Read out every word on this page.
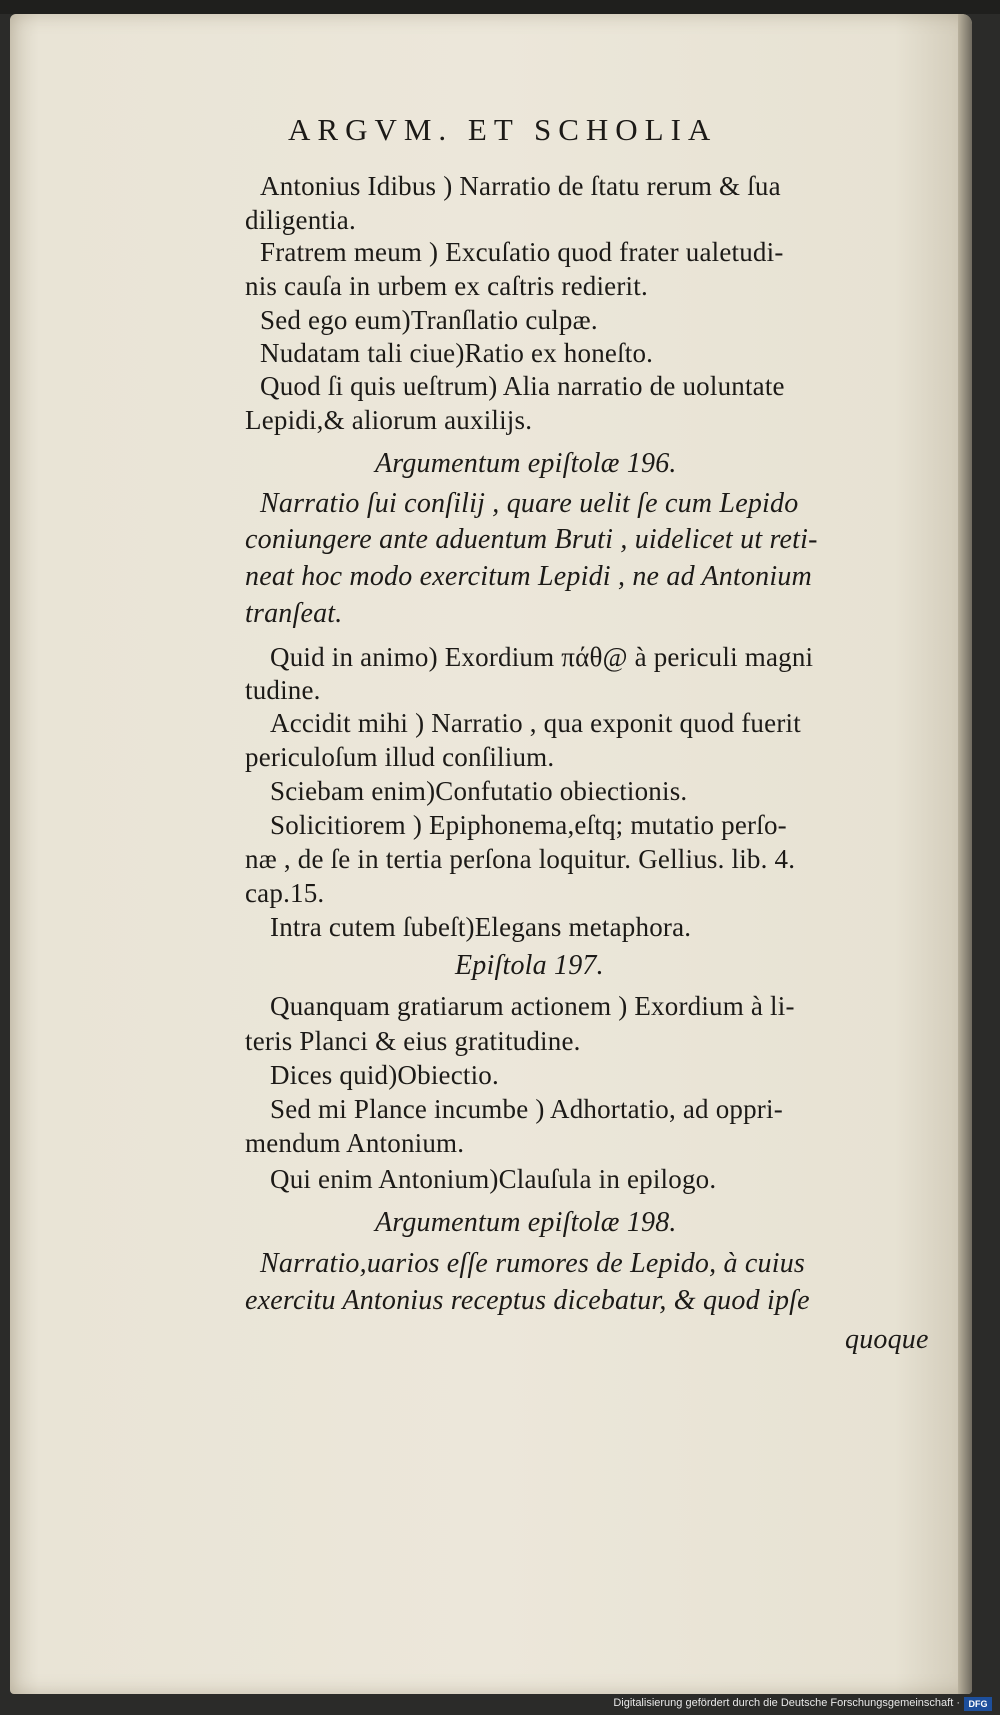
ARGVM. ET SCHOLIA
Antonius Idibus ) Narratio de ſtatu rerum & ſua
diligentia.
Fratrem meum ) Excuſatio quod frater ualetudi-
nis cauſa in urbem ex caſtris redierit.
Sed ego eum)Tranſlatio culpæ.
Nudatam tali ciue)Ratio ex honeſto.
Quod ſi quis ueſtrum) Alia narratio de uoluntate
Lepidi,& aliorum auxilijs.
Argumentum epiſtolæ 196.
Narratio ſui conſilij , quare uelit ſe cum Lepido
coniungere ante aduentum Bruti , uidelicet ut reti-
neat hoc modo exercitum Lepidi , ne ad Antonium
tranſeat.
Quid in animo) Exordium πάθ@ à periculi magni
tudine.
Accidit mihi ) Narratio , qua exponit quod fuerit
periculoſum illud conſilium.
Sciebam enim)Confutatio obiectionis.
Solicitiorem ) Epiphonema,eſtq; mutatio perſo-
næ , de ſe in tertia perſona loquitur. Gellius. lib. 4.
cap.15.
Intra cutem ſubeſt)Elegans metaphora.
Epiſtola 197.
Quanquam gratiarum actionem ) Exordium à li-
teris Planci & eius gratitudine.
Dices quid)Obiectio.
Sed mi Plance incumbe ) Adhortatio, ad oppri-
mendum Antonium.
Qui enim Antonium)Clauſula in epilogo.
Argumentum epiſtolæ 198.
Narratio,uarios eſſe rumores de Lepido, à cuius
exercitu Antonius receptus dicebatur, & quod ipſe
quoque
Digitalisierung gefördert durch die Deutsche Forschungsgemeinschaft · DFG
